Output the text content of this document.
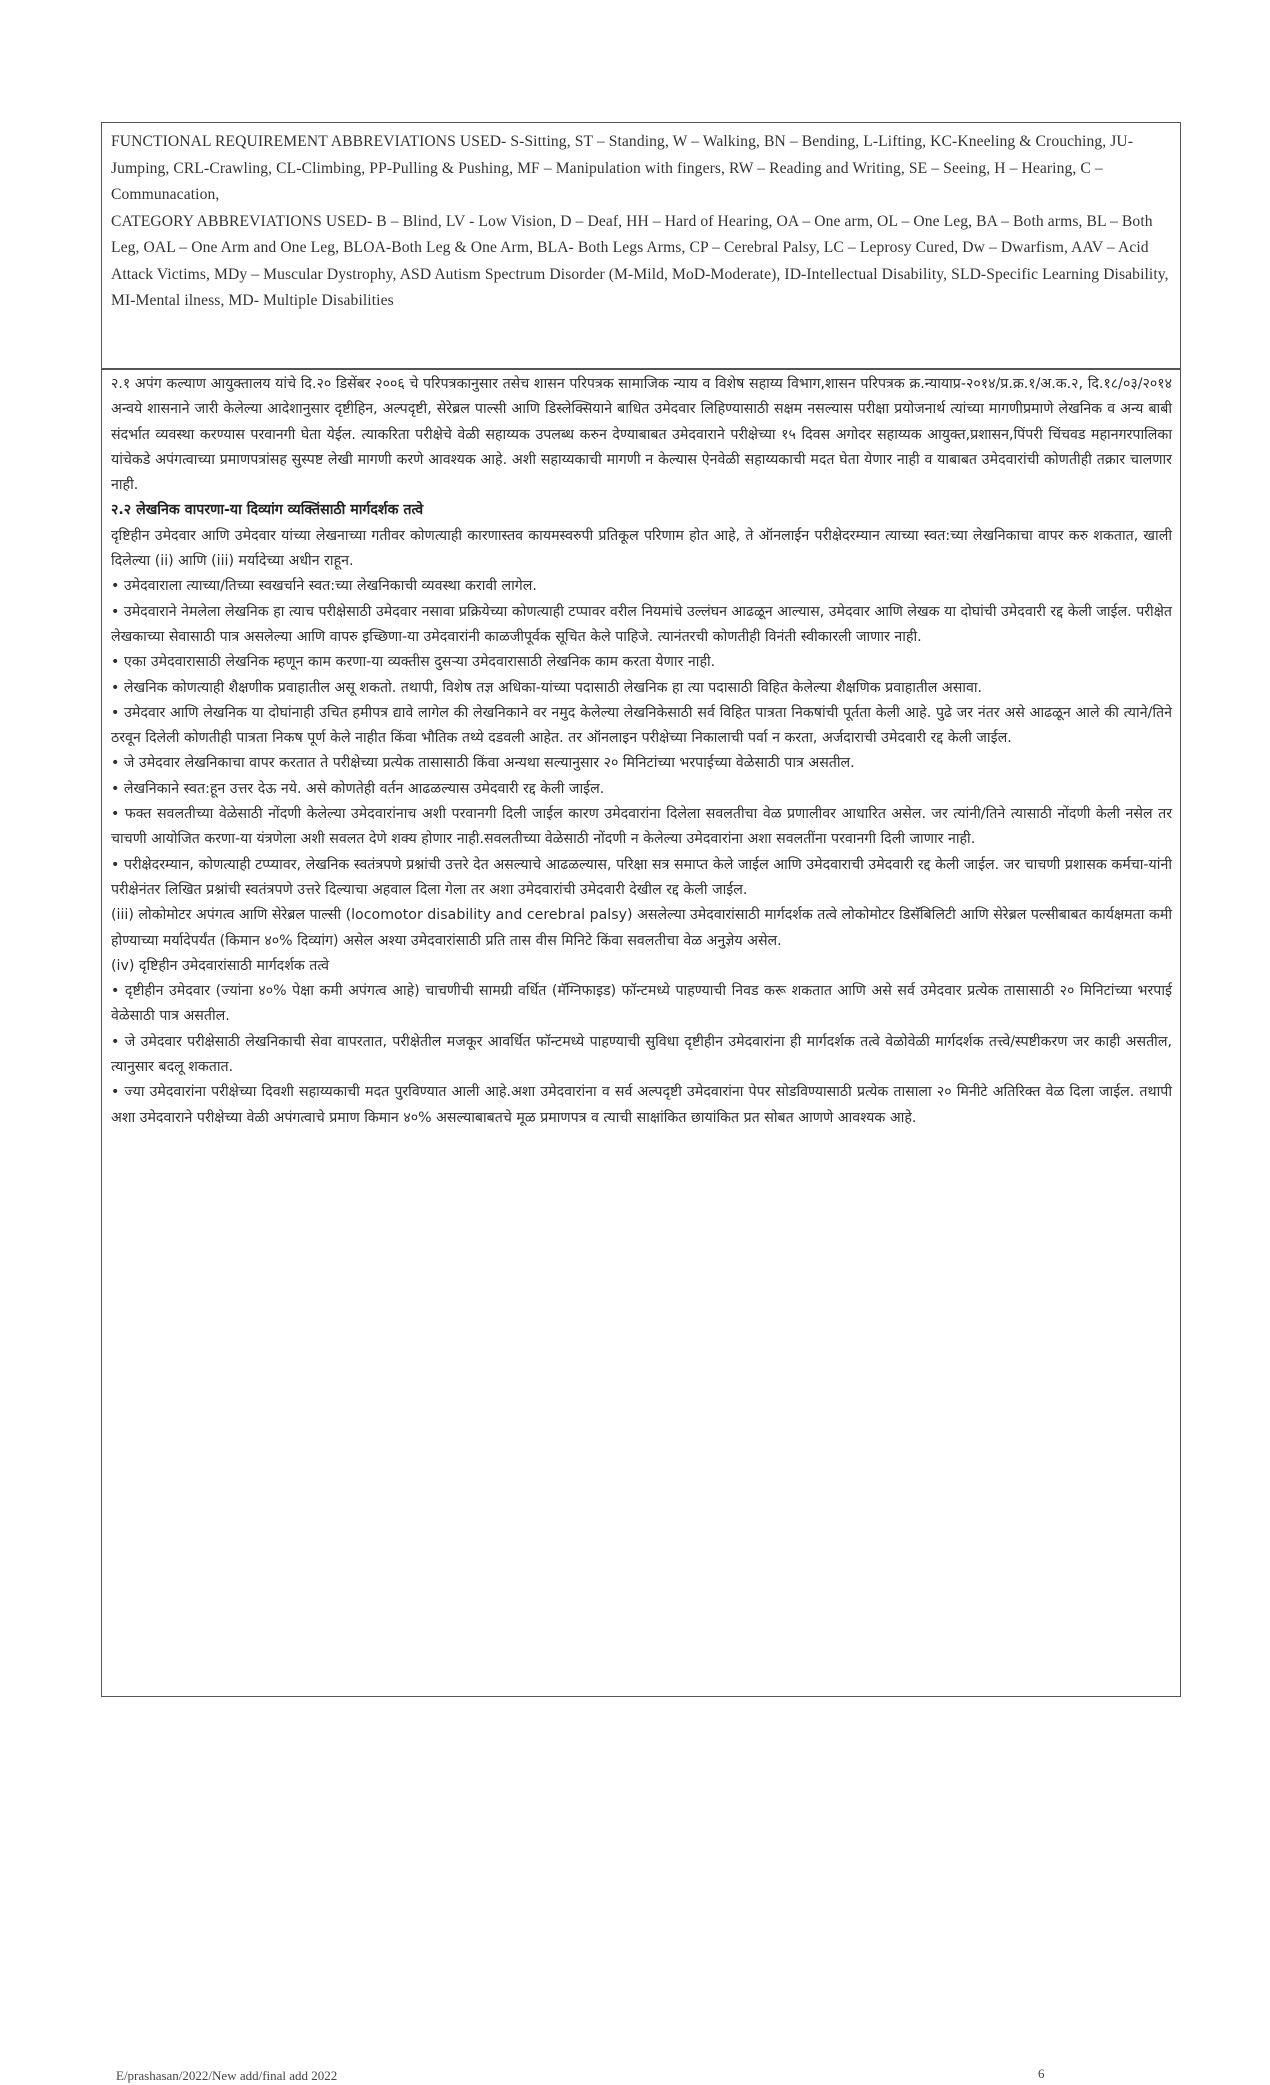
FUNCTIONAL REQUIREMENT ABBREVIATIONS USED- S-Sitting, ST – Standing, W – Walking, BN – Bending, L-Lifting, KC-Kneeling & Crouching, JU-Jumping, CRL-Crawling, CL-Climbing, PP-Pulling & Pushing, MF – Manipulation with fingers, RW – Reading and Writing, SE – Seeing, H – Hearing, C – Communacation,
CATEGORY ABBREVIATIONS USED- B – Blind, LV - Low Vision, D – Deaf, HH – Hard of Hearing, OA – One arm, OL – One Leg, BA – Both arms, BL – Both Leg, OAL – One Arm and One Leg, BLOA-Both Leg & One Arm, BLA- Both Legs Arms, CP – Cerebral Palsy, LC – Leprosy Cured, Dw – Dwarfism, AAV – Acid Attack Victims, MDy – Muscular Dystrophy, ASD Autism Spectrum Disorder (M-Mild, MoD-Moderate), ID-Intellectual Disability, SLD-Specific Learning Disability, MI-Mental ilness, MD- Multiple Disabilities

२.१ अपंग कल्याण आयुक्तालय यांचे दि.२० डिसेंबर २००६ चे परिपत्रकानुसार तसेच शासन परिपत्रक सामाजिक न्याय व विशेष सहाय्य विभाग,शासन परिपत्रक क्र.न्यायाप्र-२०१४/प्र.क्र.१/अ.क.२, दि.१८/०३/२०१४ अन्वये शासनाने जारी केलेल्या आदेशानुसार दृष्टीहिन, अल्पदृष्टी, सेरेब्रल पाल्सी आणि डिस्लेक्सियाने बाधित उमेदवार लिहिण्यासाठी सक्षम नसल्यास परीक्षा प्रयोजनार्थ त्यांच्या मागणीप्रमाणे लेखनिक व अन्य बाबी संदर्भात व्यवस्था करण्यास परवानगी घेता येईल. त्याकरिता परीक्षेचे वेळी सहाय्यक उपलब्ध करुन देण्याबाबत उमेदवाराने परीक्षेच्या १५ दिवस अगोदर सहाय्यक आयुक्त,प्रशासन,पिंपरी चिंचवड महानगरपालिका यांचेकडे अपंगत्वाच्या प्रमाणपत्रांसह सुस्पष्ट लेखी मागणी करणे आवश्यक आहे. अशी सहाय्यकाची मागणी न केल्यास ऐनवेळी सहाय्यकाची मदत घेता येणार नाही व याबाबत उमेदवारांची कोणतीही तक्रार चालणार नाही.

२.२ लेखनिक वापरणा-या दिव्यांग व्यक्तिंसाठी मार्गदर्शक तत्वे

दृष्टिहीन उमेदवार आणि उमेदवार यांच्या लेखनाच्या गतीवर कोणत्याही कारणास्तव कायमस्वरुपी प्रतिकूल परिणाम होत आहे, ते ऑनलाईन परीक्षेदरम्यान त्याच्या स्वत:च्या लेखनिकाचा वापर करु शकतात, खाली दिलेल्या (ii) आणि (iii) मर्यादेच्या अधीन राहून.

• उमेदवाराला त्याच्या/तिच्या स्वखर्चाने स्वत:च्या लेखनिकाची व्यवस्था करावी लागेल.

• उमेदवाराने नेमलेला लेखनिक हा त्याच परीक्षेसाठी उमेदवार नसावा प्रक्रियेच्या कोणत्याही टप्पावर वरील नियमांचे उल्लंघन आढळून आल्यास, उमेदवार आणि लेखक या दोघांची उमेदवारी रद्द केली जाईल. परीक्षेत लेखकाच्या सेवासाठी पात्र असलेल्या आणि वापरु इच्छिणा-या उमेदवारांनी काळजीपूर्वक सूचित केले पाहिजे. त्यानंतरची कोणतीही विनंती स्वीकारली जाणार नाही.

• एका उमेदवारासाठी लेखनिक म्हणून काम करणा-या व्यक्तीस दुसऱ्या उमेदवारासाठी लेखनिक काम करता येणार नाही.

• लेखनिक कोणत्याही शैक्षणीक प्रवाहातील असू शकतो. तथापी, विशेष तज्ञ अधिका-यांच्या पदासाठी लेखनिक हा त्या पदासाठी विहित केलेल्या शैक्षणिक प्रवाहातील असावा.

• उमेदवार आणि लेखनिक या दोघांनाही उचित हमीपत्र द्यावे लागेल की लेखनिकाने वर नमुद केलेल्या लेखनिकेसाठी सर्व विहित पात्रता निकषांची पूर्तता केली आहे. पुढे जर नंतर असे आढळून आले की त्याने/तिने ठरवून दिलेली कोणतीही पात्रता निकष पूर्ण केले नाहीत किंवा भौतिक तथ्ये दडवली आहेत. तर ऑनलाइन परीक्षेच्या निकालाची पर्वा न करता, अर्जदाराची उमेदवारी रद्द केली जाईल.

• जे उमेदवार लेखनिकाचा वापर करतात ते परीक्षेच्या प्रत्येक तासासाठी किंवा अन्यथा सल्यानुसार २० मिनिटांच्या भरपाईच्या वेळेसाठी पात्र असतील.

• लेखनिकाने स्वत:हून उत्तर देऊ नये. असे कोणतेही वर्तन आढळल्यास उमेदवारी रद्द केली जाईल.

• फक्त सवलतीच्या वेळेसाठी नोंदणी केलेल्या उमेदवारांनाच अशी परवानगी दिली जाईल कारण उमेदवारांना दिलेला सवलतीचा वेळ प्रणालीवर आधारित असेल. जर त्यांनी/तिने त्यासाठी नोंदणी केली नसेल तर चाचणी आयोजित करणा-या यंत्रणेला अशी सवलत देणे शक्य होणार नाही.सवलतीच्या वेळेसाठी नोंदणी न केलेल्या उमेदवारांना अशा सवलतींना परवानगी दिली जाणार नाही.

• परीक्षेदरम्यान, कोणत्याही टप्प्यावर, लेखनिक स्वतंत्रपणे प्रश्नांची उत्तरे देत असल्याचे आढळल्यास, परिक्षा सत्र समाप्त केले जाईल आणि उमेदवाराची उमेदवारी रद्द केली जाईल. जर चाचणी प्रशासक कर्मचा-यांनी परीक्षेनंतर लिखित प्रश्नांची स्वतंत्रपणे उत्तरे दिल्याचा अहवाल दिला गेला तर अशा उमेदवारांची उमेदवारी देखील रद्द केली जाईल.

(iii) लोकोमोटर अपंगत्व आणि सेरेब्रल पाल्सी (locomotor disability and cerebral palsy) असलेल्या उमेदवारांसाठी मार्गदर्शक तत्वे लोकोमोटर डिसॅबिलिटी आणि सेरेब्रल पल्सीबाबत कार्यक्षमता कमी होण्याच्या मर्यादेपर्यंत (किमान ४०% दिव्यांग) असेल अश्या उमेदवारांसाठी प्रति तास वीस मिनिटे किंवा सवलतीचा वेळ अनुज्ञेय असेल.

(iv) दृष्टिहीन उमेदवारांसाठी मार्गदर्शक तत्वे

• दृष्टीहीन उमेदवार (ज्यांना ४०% पेक्षा कमी अपंगत्व आहे) चाचणीची सामग्री वर्धित (मॅग्निफाइड) फॉन्टमध्ये पाहण्याची निवड करू शकतात आणि असे सर्व उमेदवार प्रत्येक तासासाठी २० मिनिटांच्या भरपाई वेळेसाठी पात्र असतील.

• जे उमेदवार परीक्षेसाठी लेखनिकाची सेवा वापरतात, परीक्षेतील मजकूर आवर्धित फॉन्टमध्ये पाहण्याची सुविधा दृष्टीहीन उमेदवारांना ही मार्गदर्शक तत्वे वेळोवेळी मार्गदर्शक तत्त्वे/स्पष्टीकरण जर काही असतील, त्यानुसार बदलू शकतात.

• ज्या उमेदवारांना परीक्षेच्या दिवशी सहाय्यकाची मदत पुरविण्यात आली आहे.अशा उमेदवारांना व सर्व अल्पदृष्टी उमेदवारांना पेपर सोडविण्यासाठी प्रत्येक तासाला २० मिनीटे अतिरिक्त वेळ दिला जाईल. तथापी अशा उमेदवाराने परीक्षेच्या वेळी अपंगत्वाचे प्रमाण किमान ४०% असल्याबाबतचे मूळ प्रमाणपत्र व त्याची साक्षांकित छायांकित प्रत सोबत आणणे आवश्यक आहे.

E/prashasan/2022/New add/final add 2022	6
